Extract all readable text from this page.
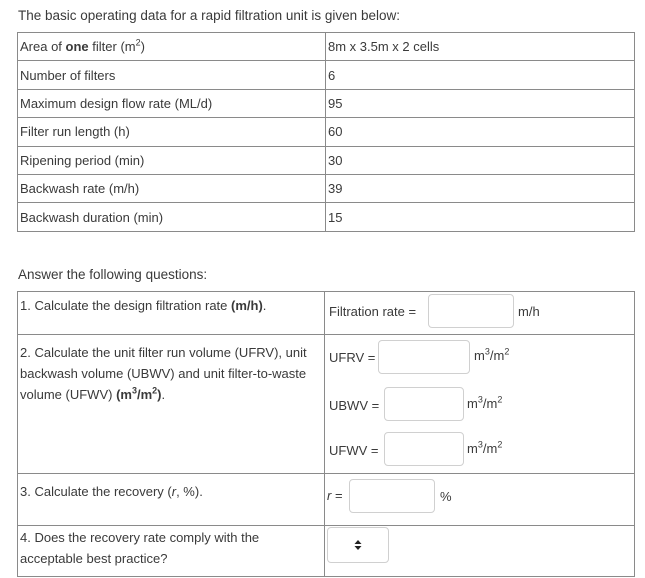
The basic operating data for a rapid filtration unit is given below:
Area of one filter $(m^2)$	8m x 3.5m x 2 cells
Number of filters	6
Maximum design flow rate (ML/d)	95
Filter run length (h)	60
Ripening period (min)	30
Backwash rate (m/h)	39
Backwash duration (min)	15
Answer the following questions:
1. Calculate the design filtration rate (m/h).	Filtration rate =	m/h
2. Calculate the unit filter run volume (UFRV), unit backwash volume (UBWV) and unit filter-to-waste volume (UFWV) $(m^3/m^2)$.
UFRV =	$m^3/m^2$
UBWV =	$m^3/m^2$
UFWV =	$m^3/m^2$
3. Calculate the recovery (r, %).	r =	%
4. Does the recovery rate comply with the acceptable best practice?
